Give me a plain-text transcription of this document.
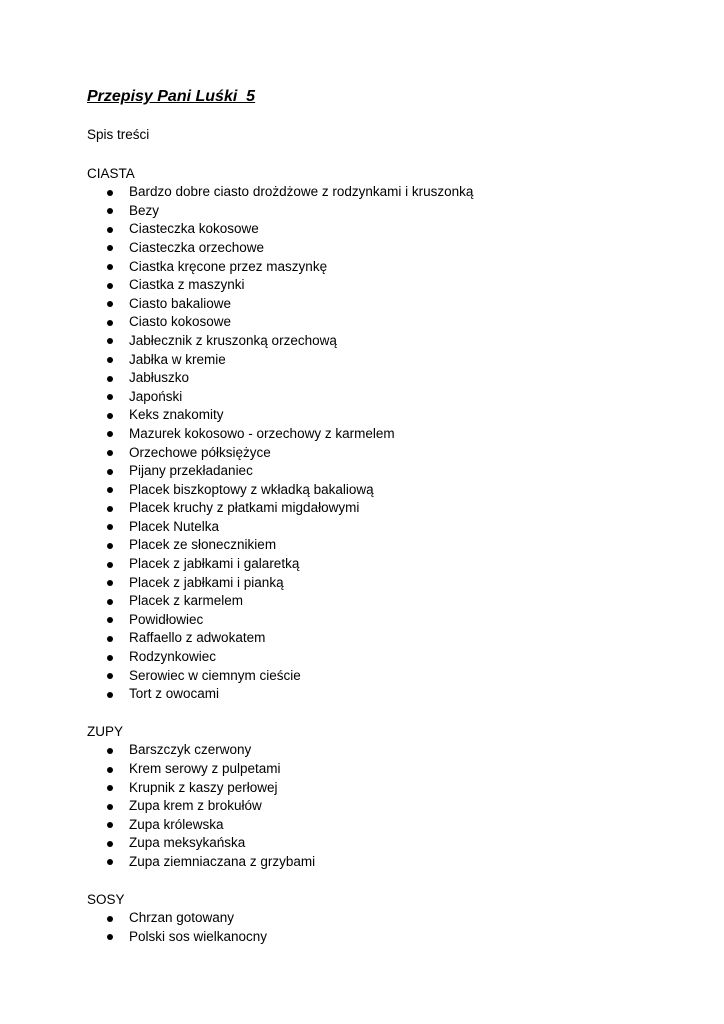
Przepisy Pani Luśki  5
Spis treści
CIASTA
Bardzo dobre ciasto drożdżowe z rodzynkami i kruszonką
Bezy
Ciasteczka kokosowe
Ciasteczka orzechowe
Ciastka kręcone przez maszynkę
Ciastka z maszynki
Ciasto bakaliowe
Ciasto kokosowe
Jabłecznik z kruszonką orzechową
Jabłka w kremie
Jabłuszko
Japoński
Keks znakomity
Mazurek kokosowo - orzechowy z karmelem
Orzechowe półksiężyce
Pijany przekładaniec
Placek biszkoptowy z wkładką bakaliową
Placek kruchy z płatkami migdałowymi
Placek Nutelka
Placek ze słonecznikiem
Placek z jabłkami i galaretką
Placek z jabłkami i pianką
Placek z karmelem
Powidłowiec
Raffaello z adwokatem
Rodzynkowiec
Serowiec w ciemnym cieście
Tort z owocami
ZUPY
Barszczyk czerwony
Krem serowy z pulpetami
Krupnik z kaszy perłowej
Zupa krem z brokułów
Zupa królewska
Zupa meksykańska
Zupa ziemniaczana z grzybami
SOSY
Chrzan gotowany
Polski sos wielkanocny
